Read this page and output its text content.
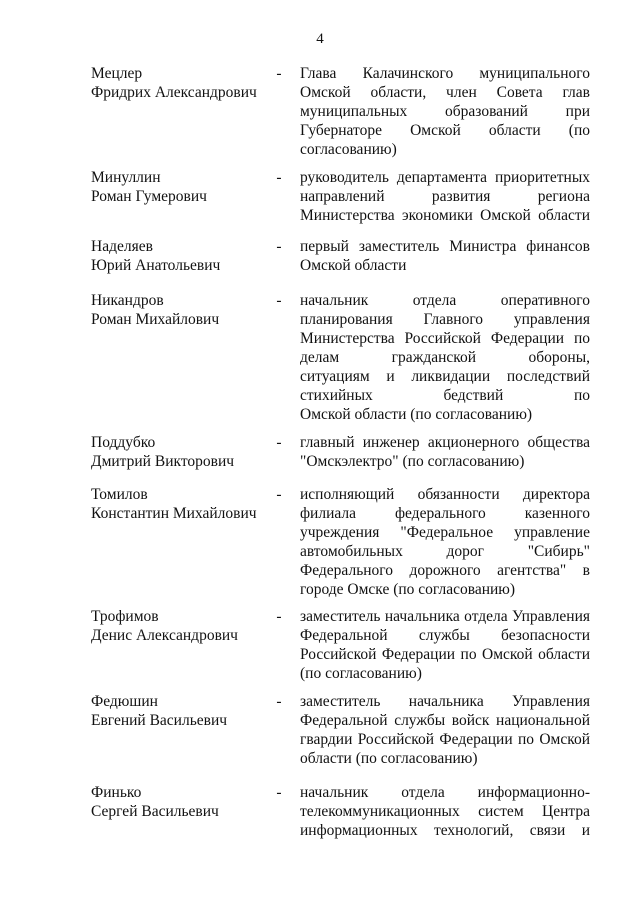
4
Мецлер
Фридрих Александрович
- Глава Калачинского муниципального
Омской области, член Совета глав
муниципальных образований при
Губернаторе Омской области (по
согласованию)
Минуллин
Роман Гумерович
- руководитель департамента приоритетных
направлений развития региона
Министерства экономики Омской области
Наделяев
Юрий Анатольевич
- первый заместитель Министра финансов
Омской области
Никандров
Роман Михайлович
- начальник отдела оперативного
планирования Главного управления
Министерства Российской Федерации по
делам гражданской обороны,
ситуациям и ликвидации последствий
стихийных бедствий по
Омской области (по согласованию)
Поддубко
Дмитрий Викторович
- главный инженер акционерного общества
"Омскэлектро" (по согласованию)
Томилов
Константин Михайлович
- исполняющий обязанности директора
филиала федерального казенного
учреждения "Федеральное управление
автомобильных дорог "Сибирь"
Федерального дорожного агентства" в
городе Омске (по согласованию)
Трофимов
Денис Александрович
- заместитель начальника отдела Управления
Федеральной службы безопасности
Российской Федерации по Омской области
(по согласованию)
Федюшин
Евгений Васильевич
- заместитель начальника Управления
Федеральной службы войск национальной
гвардии Российской Федерации по Омской
области (по согласованию)
Финько
Сергей Васильевич
- начальник отдела информационно-
телекоммуникационных систем Центра
информационных технологий, связи и
